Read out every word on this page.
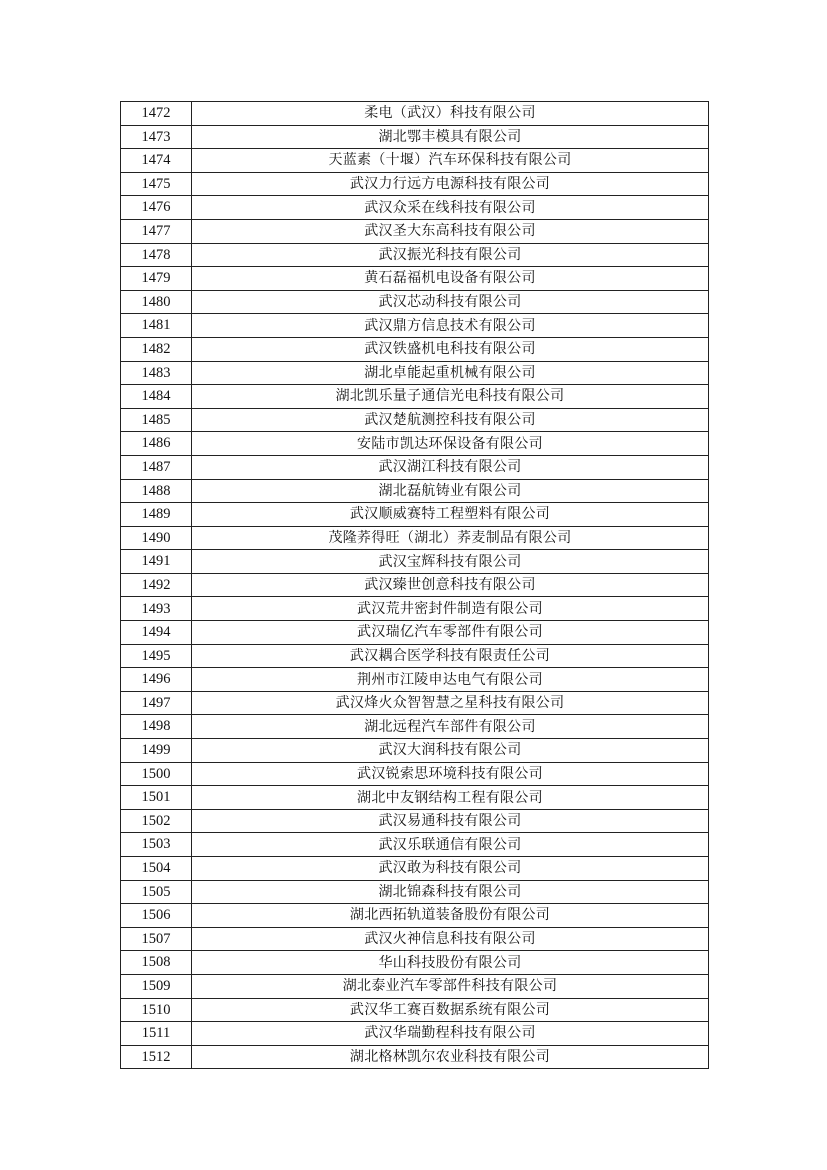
1472	柔电（武汉）科技有限公司
1473	湖北鄂丰模具有限公司
1474	天蓝素（十堰）汽车环保科技有限公司
1475	武汉力行远方电源科技有限公司
1476	武汉众采在线科技有限公司
1477	武汉圣大东高科技有限公司
1478	武汉振光科技有限公司
1479	黄石磊福机电设备有限公司
1480	武汉芯动科技有限公司
1481	武汉鼎方信息技术有限公司
1482	武汉铁盛机电科技有限公司
1483	湖北卓能起重机械有限公司
1484	湖北凯乐量子通信光电科技有限公司
1485	武汉楚航测控科技有限公司
1486	安陆市凯达环保设备有限公司
1487	武汉湖江科技有限公司
1488	湖北磊航铸业有限公司
1489	武汉顺威赛特工程塑料有限公司
1490	茂隆荞得旺（湖北）荞麦制品有限公司
1491	武汉宝辉科技有限公司
1492	武汉臻世创意科技有限公司
1493	武汉荒井密封件制造有限公司
1494	武汉瑞亿汽车零部件有限公司
1495	武汉耦合医学科技有限责任公司
1496	荆州市江陵申达电气有限公司
1497	武汉烽火众智智慧之星科技有限公司
1498	湖北远程汽车部件有限公司
1499	武汉大润科技有限公司
1500	武汉锐索思环境科技有限公司
1501	湖北中友钢结构工程有限公司
1502	武汉易通科技有限公司
1503	武汉乐联通信有限公司
1504	武汉敢为科技有限公司
1505	湖北锦森科技有限公司
1506	湖北西拓轨道装备股份有限公司
1507	武汉火神信息科技有限公司
1508	华山科技股份有限公司
1509	湖北泰业汽车零部件科技有限公司
1510	武汉华工赛百数据系统有限公司
1511	武汉华瑞勤程科技有限公司
1512	湖北格林凯尔农业科技有限公司
